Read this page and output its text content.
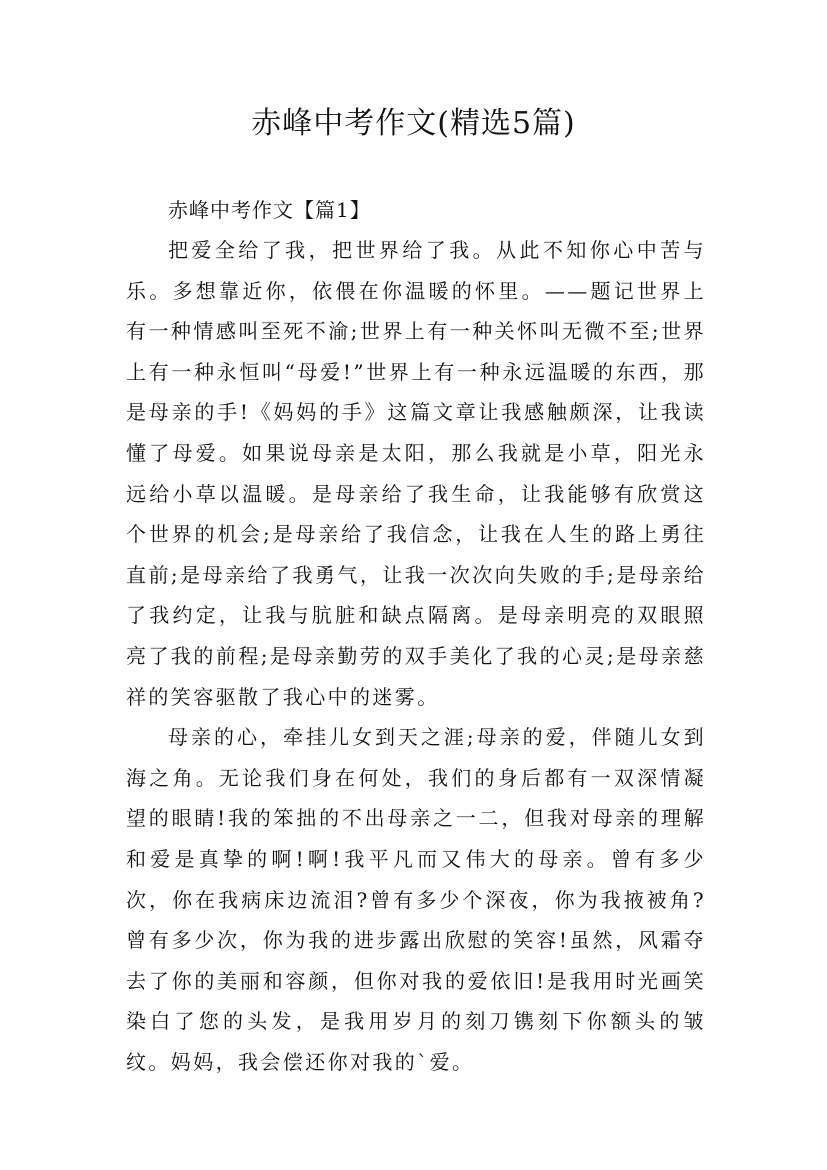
赤峰中考作文(精选5篇)

赤峰中考作文【篇1】

把爱全给了我，把世界给了我。从此不知你心中苦与乐。多想靠近你，依偎在你温暖的怀里。——题记世界上有一种情感叫至死不渝;世界上有一种关怀叫无微不至;世界上有一种永恒叫“母爱!”世界上有一种永远温暖的东西，那是母亲的手!《妈妈的手》这篇文章让我感触颇深，让我读懂了母爱。如果说母亲是太阳，那么我就是小草，阳光永远给小草以温暖。是母亲给了我生命，让我能够有欣赏这个世界的机会;是母亲给了我信念，让我在人生的路上勇往直前;是母亲给了我勇气，让我一次次向失败的手;是母亲给了我约定，让我与肮脏和缺点隔离。是母亲明亮的双眼照亮了我的前程;是母亲勤劳的双手美化了我的心灵;是母亲慈祥的笑容驱散了我心中的迷雾。

母亲的心，牵挂儿女到天之涯;母亲的爱，伴随儿女到海之角。无论我们身在何处，我们的身后都有一双深情凝望的眼睛!我的笨拙的不出母亲之一二，但我对母亲的理解和爱是真挚的啊!啊!我平凡而又伟大的母亲。曾有多少次，你在我病床边流泪?曾有多少个深夜，你为我掖被角?曾有多少次，你为我的进步露出欣慰的笑容!虽然，风霜夺去了你的美丽和容颜，但你对我的爱依旧!是我用时光画笑染白了您的头发，是我用岁月的刻刀镌刻下你额头的皱纹。妈妈，我会偿还你对我的`爱。
